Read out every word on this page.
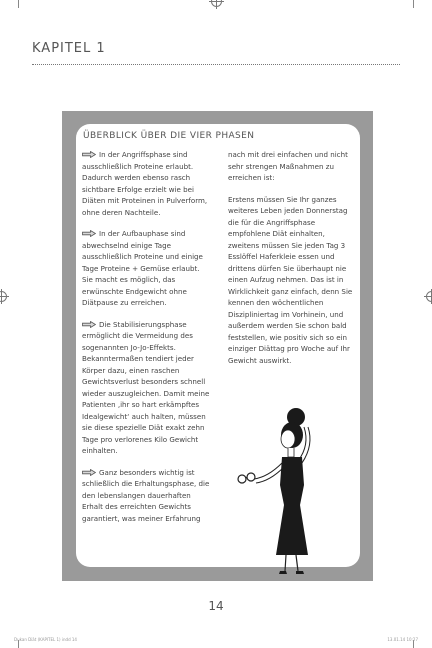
KAPITEL 1
ÜBERBLICK ÜBER DIE VIER PHASEN

In der Angriffsphase sind ausschließlich Proteine erlaubt. Dadurch werden ebenso rasch sichtbare Erfolge erzielt wie bei Diäten mit Proteinen in Pulverform, ohne deren Nachteile.

In der Aufbauphase sind abwechselnd einige Tage ausschließlich Proteine und einige Tage Proteine + Gemüse erlaubt. Sie macht es möglich, das erwünschte Endgewicht ohne Diätpause zu erreichen.

Die Stabilisierungsphase ermöglicht die Vermeidung des sogenannten Jo-Jo-Effekts. Bekanntermaßen tendiert jeder Körper dazu, einen raschen Gewichtsverlust besonders schnell wieder auszugleichen. Damit meine Patienten ‚ihr so hart erkämpftes Idealgewicht‘ auch halten, müssen sie diese spezielle Diät exakt zehn Tage pro verlorenes Kilo Gewicht einhalten.

Ganz besonders wichtig ist schließlich die Erhaltungsphase, die den lebenslangen dauerhaften Erhalt des erreichten Gewichts garantiert, was meiner Erfahrung

nach mit drei einfachen und nicht sehr strengen Maßnahmen zu erreichen ist:

Erstens müssen Sie Ihr ganzes weiteres Leben jeden Donnerstag die für die Angriffsphase empfohlene Diät einhalten, zweitens müssen Sie jeden Tag 3 Esslöffel Haferkleie essen und drittens dürfen Sie überhaupt nie einen Aufzug nehmen. Das ist in Wirklichkeit ganz einfach, denn Sie kennen den wöchentlichen Diszipliniertag im Vorhinein, und außerdem werden Sie schon bald feststellen, wie positiv sich so ein einziger Diättag pro Woche auf Ihr Gewicht auswirkt.

14
Dukan Diät (KAPITEL 1) indd 14	13.01.14 10:27
